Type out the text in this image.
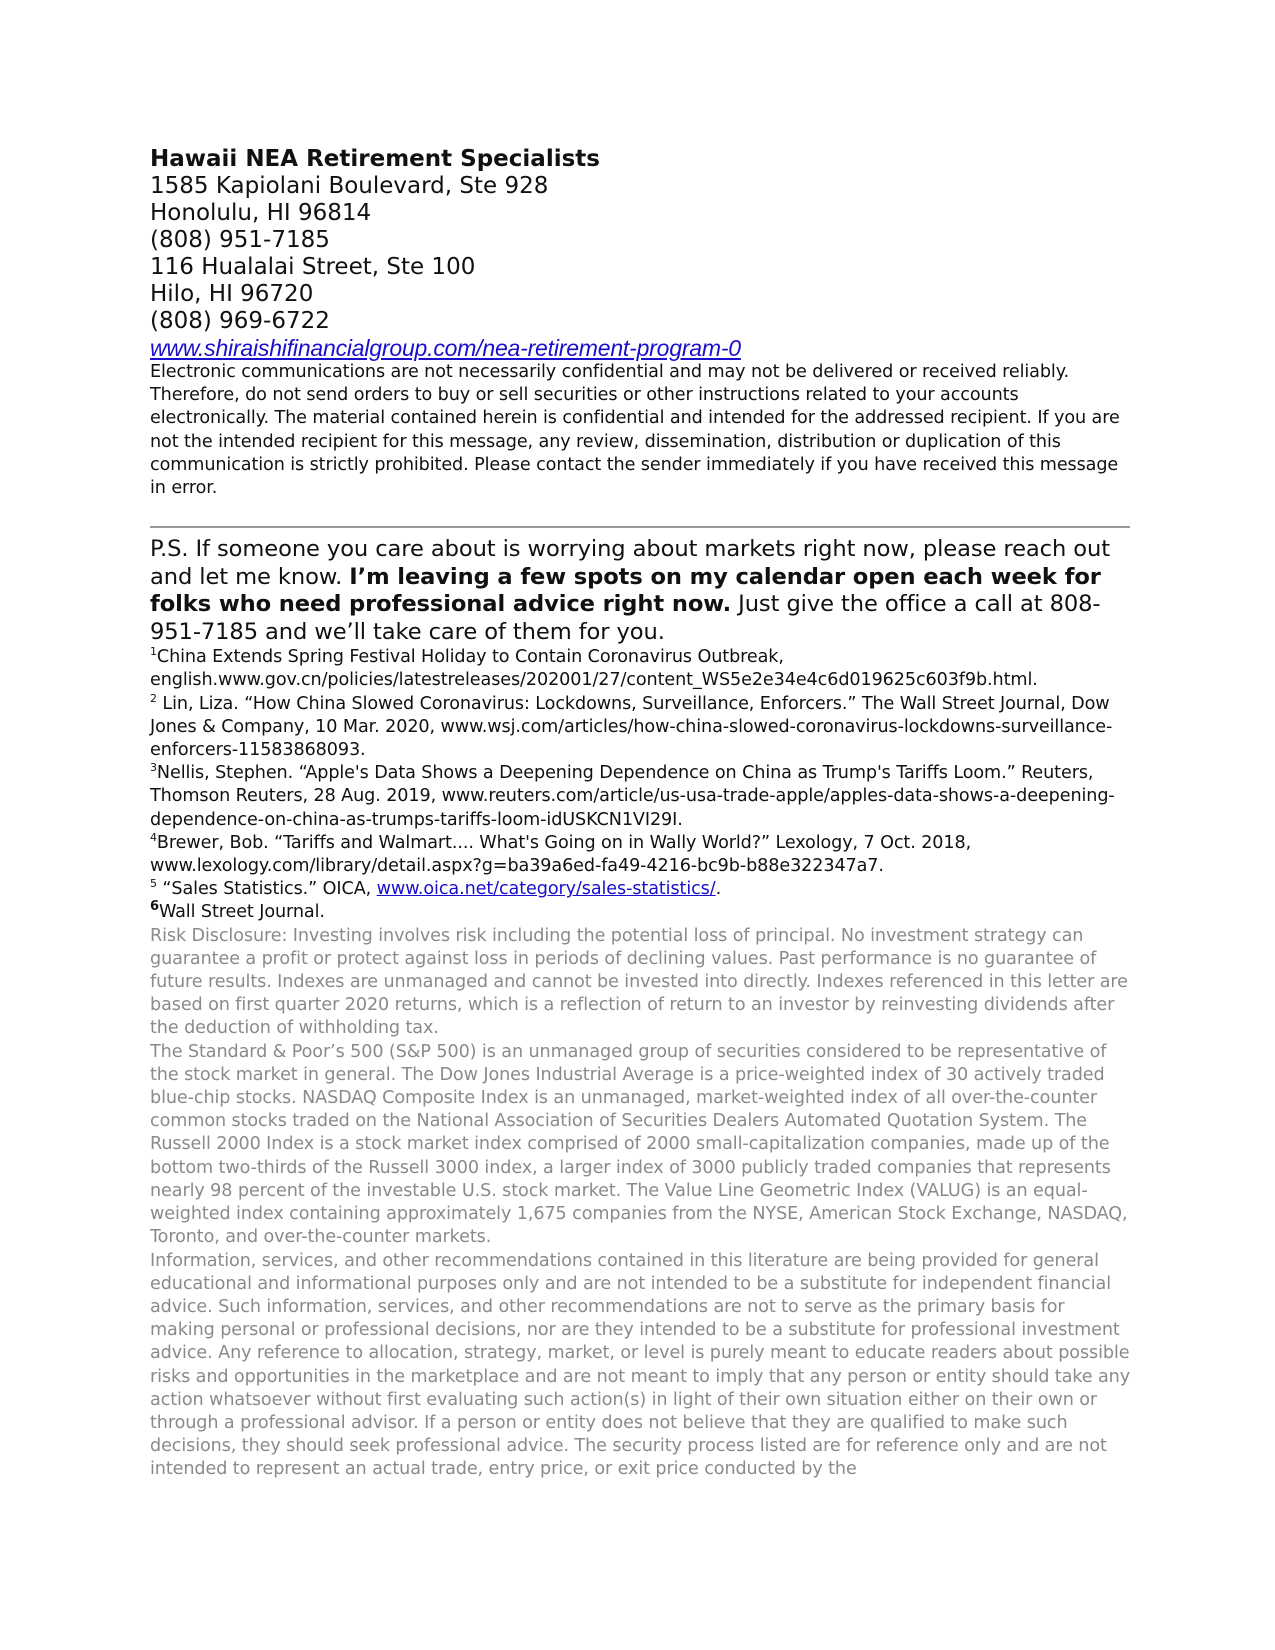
Hawaii NEA Retirement Specialists

1585 Kapiolani Boulevard, Ste 928

Honolulu, HI 96814

(808) 951-7185

116 Hualalai Street, Ste 100

Hilo, HI 96720

(808) 969-6722

www.shiraishifinancialgroup.com/nea-retirement-program-0

Electronic communications are not necessarily confidential and may not be delivered or received reliably. Therefore, do not send orders to buy or sell securities or other instructions related to your accounts electronically. The material contained herein is confidential and intended for the addressed recipient. If you are not the intended recipient for this message, any review, dissemination, distribution or duplication of this communication is strictly prohibited. Please contact the sender immediately if you have received this message in error.

P.S. If someone you care about is worrying about markets right now, please reach out and let me know. I’m leaving a few spots on my calendar open each week for folks who need professional advice right now. Just give the office a call at 808-951-7185 and we’ll take care of them for you.

$^1$China Extends Spring Festival Holiday to Contain Coronavirus Outbreak, english.www.gov.cn/policies/latestreleases/202001/27/content_WS5e2e34e4c6d019625c603f9b.html.

$^2$ Lin, Liza. “How China Slowed Coronavirus: Lockdowns, Surveillance, Enforcers.” The Wall Street Journal, Dow Jones & Company, 10 Mar. 2020, www.wsj.com/articles/how-china-slowed-coronavirus-lockdowns-surveillance-enforcers-11583868093.

$^3$Nellis, Stephen. “Apple's Data Shows a Deepening Dependence on China as Trump's Tariffs Loom.” Reuters, Thomson Reuters, 28 Aug. 2019, www.reuters.com/article/us-usa-trade-apple/apples-data-shows-a-deepening-dependence-on-china-as-trumps-tariffs-loom-idUSKCN1VI29I.

$^4$Brewer, Bob. “Tariffs and Walmart.... What's Going on in Wally World?” Lexology, 7 Oct. 2018, www.lexology.com/library/detail.aspx?g=ba39a6ed-fa49-4216-bc9b-b88e322347a7.

$^5$ “Sales Statistics.” OICA, www.oica.net/category/sales-statistics/.

$^6$Wall Street Journal.

Risk Disclosure: Investing involves risk including the potential loss of principal. No investment strategy can guarantee a profit or protect against loss in periods of declining values. Past performance is no guarantee of future results. Indexes are unmanaged and cannot be invested into directly. Indexes referenced in this letter are based on first quarter 2020 returns, which is a reflection of return to an investor by reinvesting dividends after the deduction of withholding tax.

The Standard & Poor’s 500 (S&P 500) is an unmanaged group of securities considered to be representative of the stock market in general. The Dow Jones Industrial Average is a price-weighted index of 30 actively traded blue-chip stocks. NASDAQ Composite Index is an unmanaged, market-weighted index of all over-the-counter common stocks traded on the National Association of Securities Dealers Automated Quotation System. The Russell 2000 Index is a stock market index comprised of 2000 small-capitalization companies, made up of the bottom two-thirds of the Russell 3000 index, a larger index of 3000 publicly traded companies that represents nearly 98 percent of the investable U.S. stock market. The Value Line Geometric Index (VALUG) is an equal-weighted index containing approximately 1,675 companies from the NYSE, American Stock Exchange, NASDAQ, Toronto, and over-the-counter markets.

Information, services, and other recommendations contained in this literature are being provided for general educational and informational purposes only and are not intended to be a substitute for independent financial advice. Such information, services, and other recommendations are not to serve as the primary basis for making personal or professional decisions, nor are they intended to be a substitute for professional investment advice. Any reference to allocation, strategy, market, or level is purely meant to educate readers about possible risks and opportunities in the marketplace and are not meant to imply that any person or entity should take any action whatsoever without first evaluating such action(s) in light of their own situation either on their own or through a professional advisor. If a person or entity does not believe that they are qualified to make such decisions, they should seek professional advice. The security process listed are for reference only and are not intended to represent an actual trade, entry price, or exit price conducted by the
